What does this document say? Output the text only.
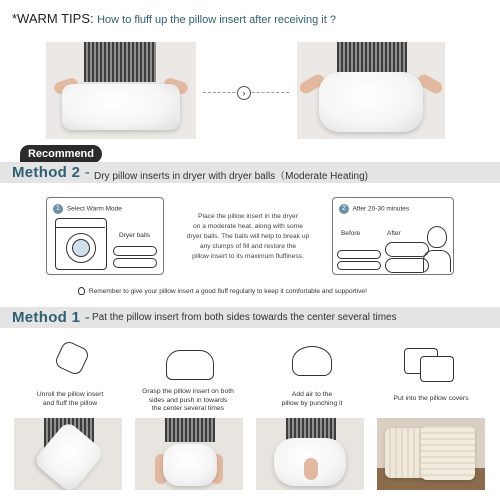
*WARM TIPS: How to fluff up the pillow insert after receiving it ?
›
Recommend
Method 2 - Dry pillow inserts in dryer with dryer balls（Moderate Heating)
1 Select Warm Mode
Dryer balls
Place the pillow insert in the dryer
on a moderate heat, along with some
dryer balls. The balls will help to break up
any clumps of fill and restore the
pillow insert to its maximum fluffiness.
2 After 20-30 minutes
Before	After
Remember to give your pillow insert a good fluff regularly to keep it comfortable and supportive!
Method 1 - Pat the pillow insert from both sides towards the center several times
Unroll the pillow insert
and fluff the pillow
Grasp the pillow insert on both
sides and push in towards
the center several times
Add air to the
pillow by punching it
Put into the pillow covers
